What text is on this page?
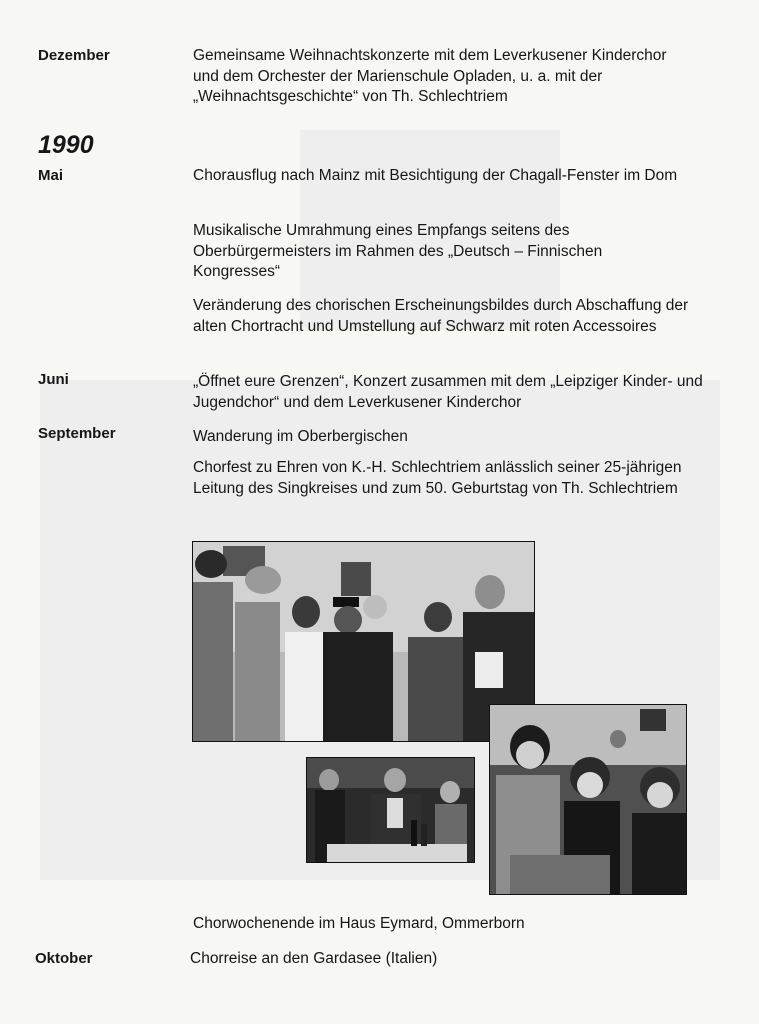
Dezember	Gemeinsame Weihnachtskonzerte mit dem Leverkusener Kinderchor und dem Orchester der Marienschule Opladen, u. a. mit der „Weihnachtsgeschichte“ von Th. Schlechtriem
1990
Mai	Chorausflug nach Mainz mit Besichtigung der Chagall-Fenster im Dom
Musikalische Umrahmung eines Empfangs seitens des Oberbürgermeisters im Rahmen des „Deutsch – Finnischen Kongresses“
Veränderung des chorischen Erscheinungsbildes durch Abschaffung der alten Chortracht und Umstellung auf Schwarz mit roten Accessoires
Juni	„Öffnet eure Grenzen“, Konzert zusammen mit dem „Leipziger Kinder- und Jugendchor“ und dem Leverkusener Kinderchor
September	Wanderung im Oberbergischen
Chorfest zu Ehren von K.-H. Schlechtriem anlässlich seiner 25-jährigen Leitung des Singkreises und zum 50. Geburtstag von Th. Schlechtriem
Chorwochenende im Haus Eymard, Ommerborn
Oktober	Chorreise an den Gardasee (Italien)
